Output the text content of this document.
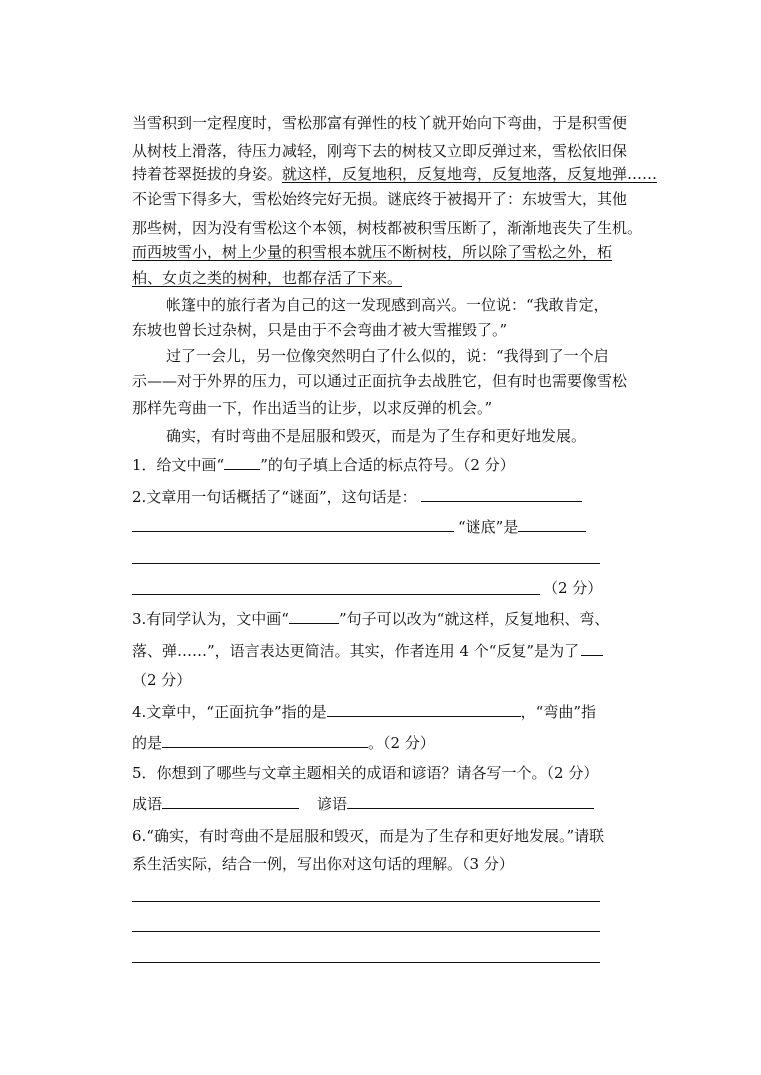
当雪积到一定程度时，雪松那富有弹性的枝丫就开始向下弯曲，于是积雪便
从树枝上滑落，待压力减轻，刚弯下去的树枝又立即反弹过来，雪松依旧保
持着苍翠挺拔的身姿。就这样，反复地积，反复地弯，反复地落，反复地弹……
不论雪下得多大，雪松始终完好无损。谜底终于被揭开了：东坡雪大，其他
那些树，因为没有雪松这个本领，树枝都被积雪压断了，渐渐地丧失了生机。
而西坡雪小，树上少量的积雪根本就压不断树枝，所以除了雪松之外，柘
柏、女贞之类的树种，也都存活了下来。
帐篷中的旅行者为自己的这一发现感到高兴。一位说：“我敢肯定，
东坡也曾长过杂树，只是由于不会弯曲才被大雪摧毁了。”
过了一会儿，另一位像突然明白了什么似的，说：“我得到了一个启
示——对于外界的压力，可以通过正面抗争去战胜它，但有时也需要像雪松
那样先弯曲一下，作出适当的让步，以求反弹的机会。”
确实，有时弯曲不是屈服和毁灭，而是为了生存和更好地发展。
1．给文中画“ ”的句子填上合适的标点符号。（2 分）
2.文章用一句话概括了“谜面”，这句话是：
“谜底”是
（2 分）
3.有同学认为，文中画“	”句子可以改为“就这样，反复地积、弯、
落、弹……”，语言表达更简洁。其实，作者连用 4 个“反复”是为了
（2 分）
4.文章中，“正面抗争”指的是	，“弯曲”指
的是	。（2 分）
5．你想到了哪些与文章主题相关的成语和谚语？请各写一个。（2 分）
成语	谚语
6.“确实，有时弯曲不是屈服和毁灭，而是为了生存和更好地发展。”请联
系生活实际，结合一例，写出你对这句话的理解。（3 分）
